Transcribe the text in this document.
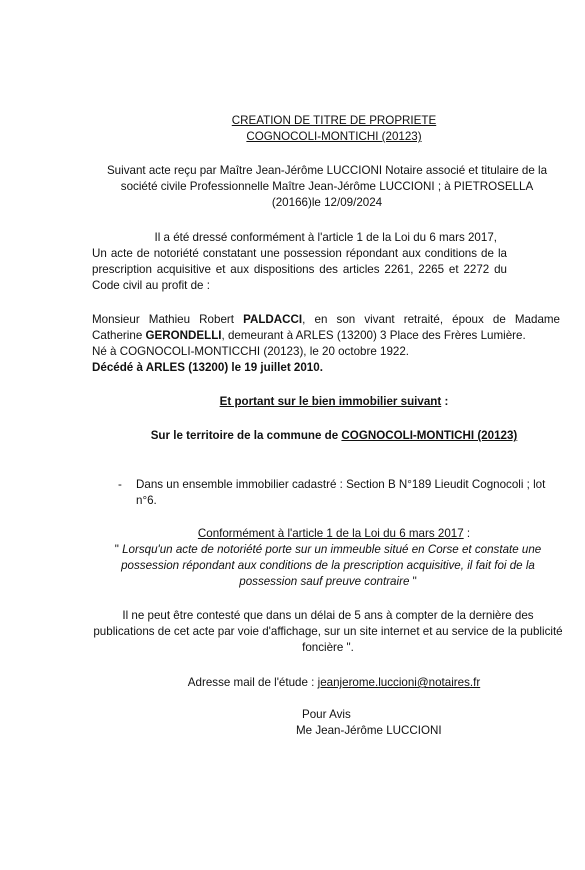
CREATION DE TITRE DE PROPRIETE
COGNOCOLI-MONTICHI (20123)
Suivant acte reçu par Maître Jean-Jérôme LUCCIONI Notaire associé et titulaire de la
société civile Professionnelle Maître Jean-Jérôme LUCCIONI ; à PIETROSELLA
(20166)le 12/09/2024
Il a été dressé conformément à l'article 1 de la Loi du 6 mars 2017,
Un acte de notoriété constatant une possession répondant aux conditions de la prescription acquisitive et aux dispositions des articles 2261, 2265 et 2272 du Code civil au profit de :
Monsieur Mathieu Robert PALDACCI, en son vivant retraité, époux de Madame
Catherine GERONDELLI, demeurant à ARLES (13200) 3 Place des Frères Lumière.
Né à COGNOCOLI-MONTICCHI (20123), le 20 octobre 1922.
Décédé à ARLES (13200) le 19 juillet 2010.
Et portant sur le bien immobilier suivant :
Sur le territoire de la commune de COGNOCOLI-MONTICHI (20123)
- Dans un ensemble immobilier cadastré : Section B N°189 Lieudit Cognocoli ; lot n°6.
Conformément à l'article 1 de la Loi du 6 mars 2017 :
" Lorsqu'un acte de notoriété porte sur un immeuble situé en Corse et constate une possession répondant aux conditions de la prescription acquisitive, il fait foi de la possession sauf preuve contraire "
Il ne peut être contesté que dans un délai de 5 ans à compter de la dernière des publications de cet acte par voie d'affichage, sur un site internet et au service de la publicité foncière ".
Adresse mail de l'étude : jeanjerome.luccioni@notaires.fr
Pour Avis
Me Jean-Jérôme LUCCIONI
